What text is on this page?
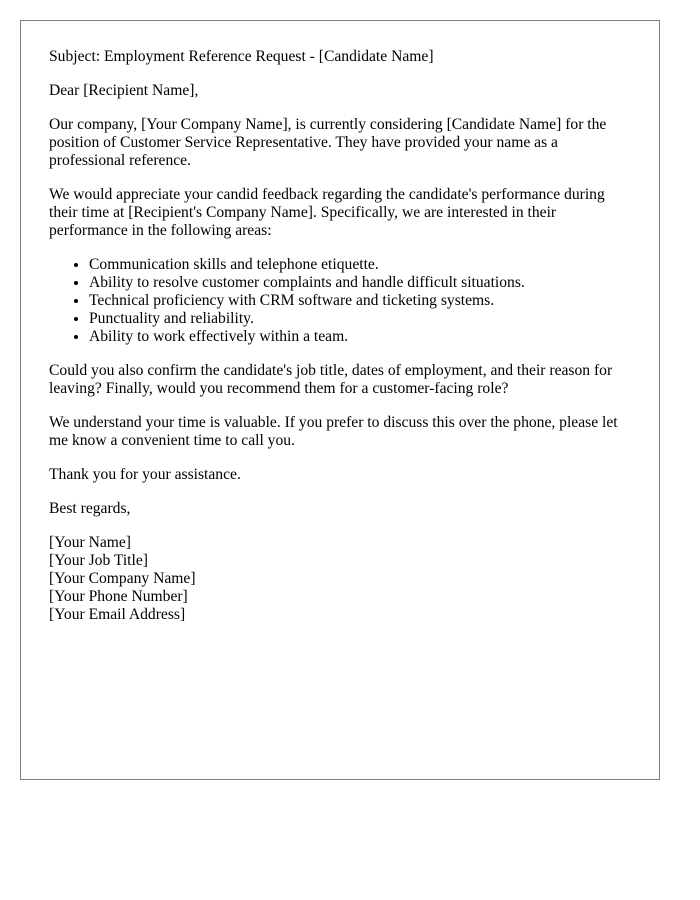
Subject: Employment Reference Request - [Candidate Name]

Dear [Recipient Name],

Our company, [Your Company Name], is currently considering [Candidate Name] for the position of Customer Service Representative. They have provided your name as a professional reference.

We would appreciate your candid feedback regarding the candidate's performance during their time at [Recipient's Company Name]. Specifically, we are interested in their performance in the following areas:

• Communication skills and telephone etiquette.
• Ability to resolve customer complaints and handle difficult situations.
• Technical proficiency with CRM software and ticketing systems.
• Punctuality and reliability.
• Ability to work effectively within a team.

Could you also confirm the candidate's job title, dates of employment, and their reason for leaving? Finally, would you recommend them for a customer-facing role?

We understand your time is valuable. If you prefer to discuss this over the phone, please let me know a convenient time to call you.

Thank you for your assistance.

Best regards,

[Your Name]
[Your Job Title]
[Your Company Name]
[Your Phone Number]
[Your Email Address]
